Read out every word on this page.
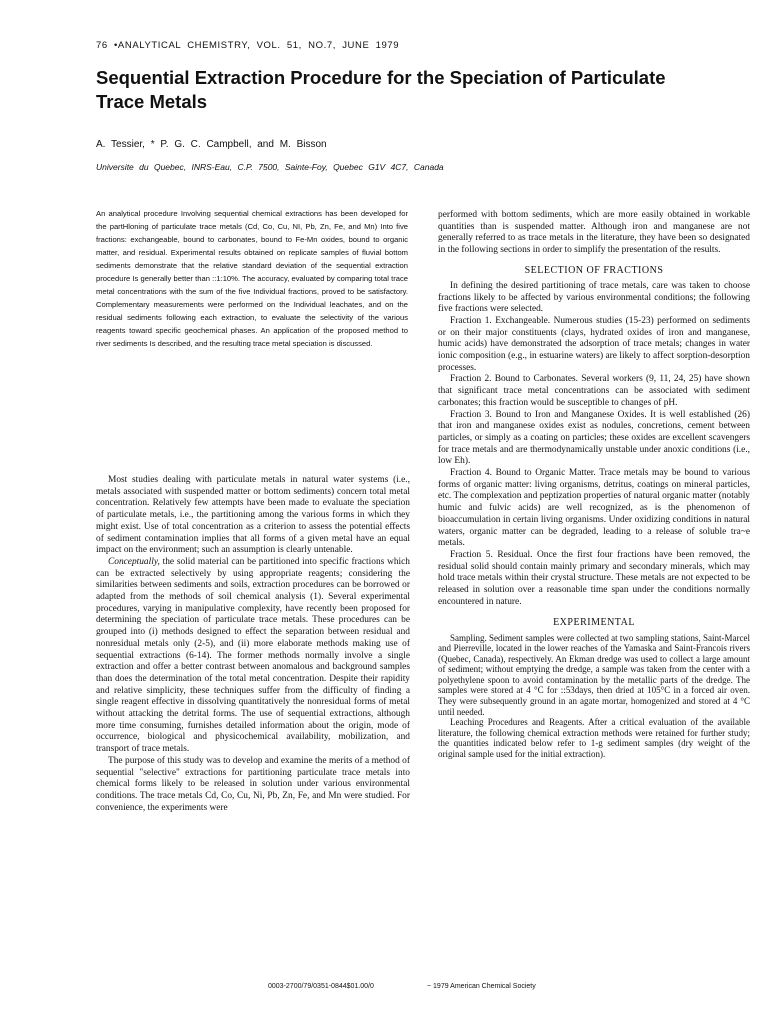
76 •ANALYTICAL CHEMISTRY, VOL. 51, NO.7, JUNE 1979
Sequential Extraction Procedure for the Speciation of Particulate Trace Metals
A. Tessier, * P. G. C. Campbell, and M. Bisson
Universite du Quebec, INRS-Eau, C.P. 7500, Sainte-Foy, Quebec G1V 4C7, Canada

An analytical procedure Involving sequential chemical extractions has been developed for the partHloning of particulate trace metals (Cd, Co, Cu, NI, Pb, Zn, Fe, and Mn) Into five fractions: exchangeable, bound to carbonates, bound to Fe-Mn oxides, bound to organic matter, and residual. Experimental results obtained on replicate samples of fluvial bottom sediments demonstrate that the relative standard deviation of the sequential extraction procedure Is generally better than ::1:10%. The accuracy, evaluated by comparing total trace metal concentrations with the sum of the five Individual fractions, proved to be satisfactory. Complementary measurements were performed on the Individual leachates, and on the residual sediments following each extraction, to evaluate the selectivity of the various reagents toward specific geochemical phases. An application of the proposed method to river sediments Is described, and the resulting trace metal speciation is discussed.

Most studies dealing with particulate metals in natural water systems (i.e., metals associated with suspended matter or bottom sediments) concern total metal concentration. Relatively few attempts have been made to evaluate the speciation of particulate metals, i.e., the partitioning among the various forms in which they might exist. Use of total concentration as a criterion to assess the potential effects of sediment contamination implies that all forms of a given metal have an equal impact on the environment; such an assumption is clearly untenable.

Conceptually, the solid material can be partitioned into specific fractions which can be extracted selectively by using appropriate reagents; considering the similarities between sediments and soils, extraction procedures can be borrowed or adapted from the methods of soil chemical analysis (1). Several experimental procedures, varying in manipulative complexity, have recently been proposed for determining the speciation of particulate trace metals. These procedures can be grouped into (i) methods designed to effect the separation between residual and nonresidual metals only (2-5), and (ii) more elaborate methods making use of sequential extractions (6-14). The former methods normally involve a single extraction and offer a better contrast between anomalous and background samples than does the determination of the total metal concentration. Despite their rapidity and relative simplicity, these techniques suffer from the difficulty of finding a single reagent effective in dissolving quantitatively the nonresidual forms of metal without attacking the detrital forms. The use of sequential extractions, although more time consuming, furnishes detailed information about the origin, mode of occurrence, biological and physicochemical availability, mobilization, and transport of trace metals.

The purpose of this study was to develop and examine the merits of a method of sequential "selective" extractions for partitioning particulate trace metals into chemical forms likely to be released in solution under various environmental conditions. The trace metals Cd, Co, Cu, Ni, Pb, Zn, Fe, and Mn were studied. For convenience, the experiments were

performed with bottom sediments, which are more easily obtained in workable quantities than is suspended matter. Although iron and manganese are not generally referred to as trace metals in the literature, they have been so designated in the following sections in order to simplify the presentation of the results.

SELECTION OF FRACTIONS

In defining the desired partitioning of trace metals, care was taken to choose fractions likely to be affected by various environmental conditions; the following five fractions were selected.

Fraction 1. Exchangeable. Numerous studies (15-23) performed on sediments or on their major constituents (clays, hydrated oxides of iron and manganese, humic acids) have demonstrated the adsorption of trace metals; changes in water ionic composition (e.g., in estuarine waters) are likely to affect sorption-desorption processes.

Fraction 2. Bound to Carbonates. Several workers (9, 11, 24, 25) have shown that significant trace metal concentrations can be associated with sediment carbonates; this fraction would be susceptible to changes of pH.

Fraction 3. Bound to Iron and Manganese Oxides. It is well established (26) that iron and manganese oxides exist as nodules, concretions, cement between particles, or simply as a coating on particles; these oxides are excellent scavengers for trace metals and are thermodynamically unstable under anoxic conditions (i.e., low Eh).

Fraction 4. Bound to Organic Matter. Trace metals may be bound to various forms of organic matter: living organisms, detritus, coatings on mineral particles, etc. The complexation and peptization properties of natural organic matter (notably humic and fulvic acids) are well recognized, as is the phenomenon of bioaccumulation in certain living organisms. Under oxidizing conditions in natural waters, organic matter can be degraded, leading to a release of soluble tra~e metals.

Fraction 5. Residual. Once the first four fractions have been removed, the residual solid should contain mainly primary and secondary minerals, which may hold trace metals within their crystal structure. These metals are not expected to be released in solution over a reasonable time span under the conditions normally encountered in nature.

EXPERIMENTAL

Sampling. Sediment samples were collected at two sampling stations, Saint-Marcel and Pierreville, located in the lower reaches of the Yamaska and Saint-Francois rivers (Quebec, Canada), respectively. An Ekman dredge was used to collect a large amount of sediment; without emptying the dredge, a sample was taken from the center with a polyethylene spoon to avoid contamination by the metallic parts of the dredge. The samples were stored at 4 °C for ::53days, then dried at 105°C in a forced air oven. They were subsequently ground in an agate mortar, homogenized and stored at 4 °C until needed.

Leaching Procedures and Reagents. After a critical evaluation of the available literature, the following chemical extraction methods were retained for further study; the quantities indicated below refer to 1-g sediment samples (dry weight of the original sample used for the initial extraction).

0003-2700/79/0351-0844$01.00/0	~ 1979 American Chemical Society
